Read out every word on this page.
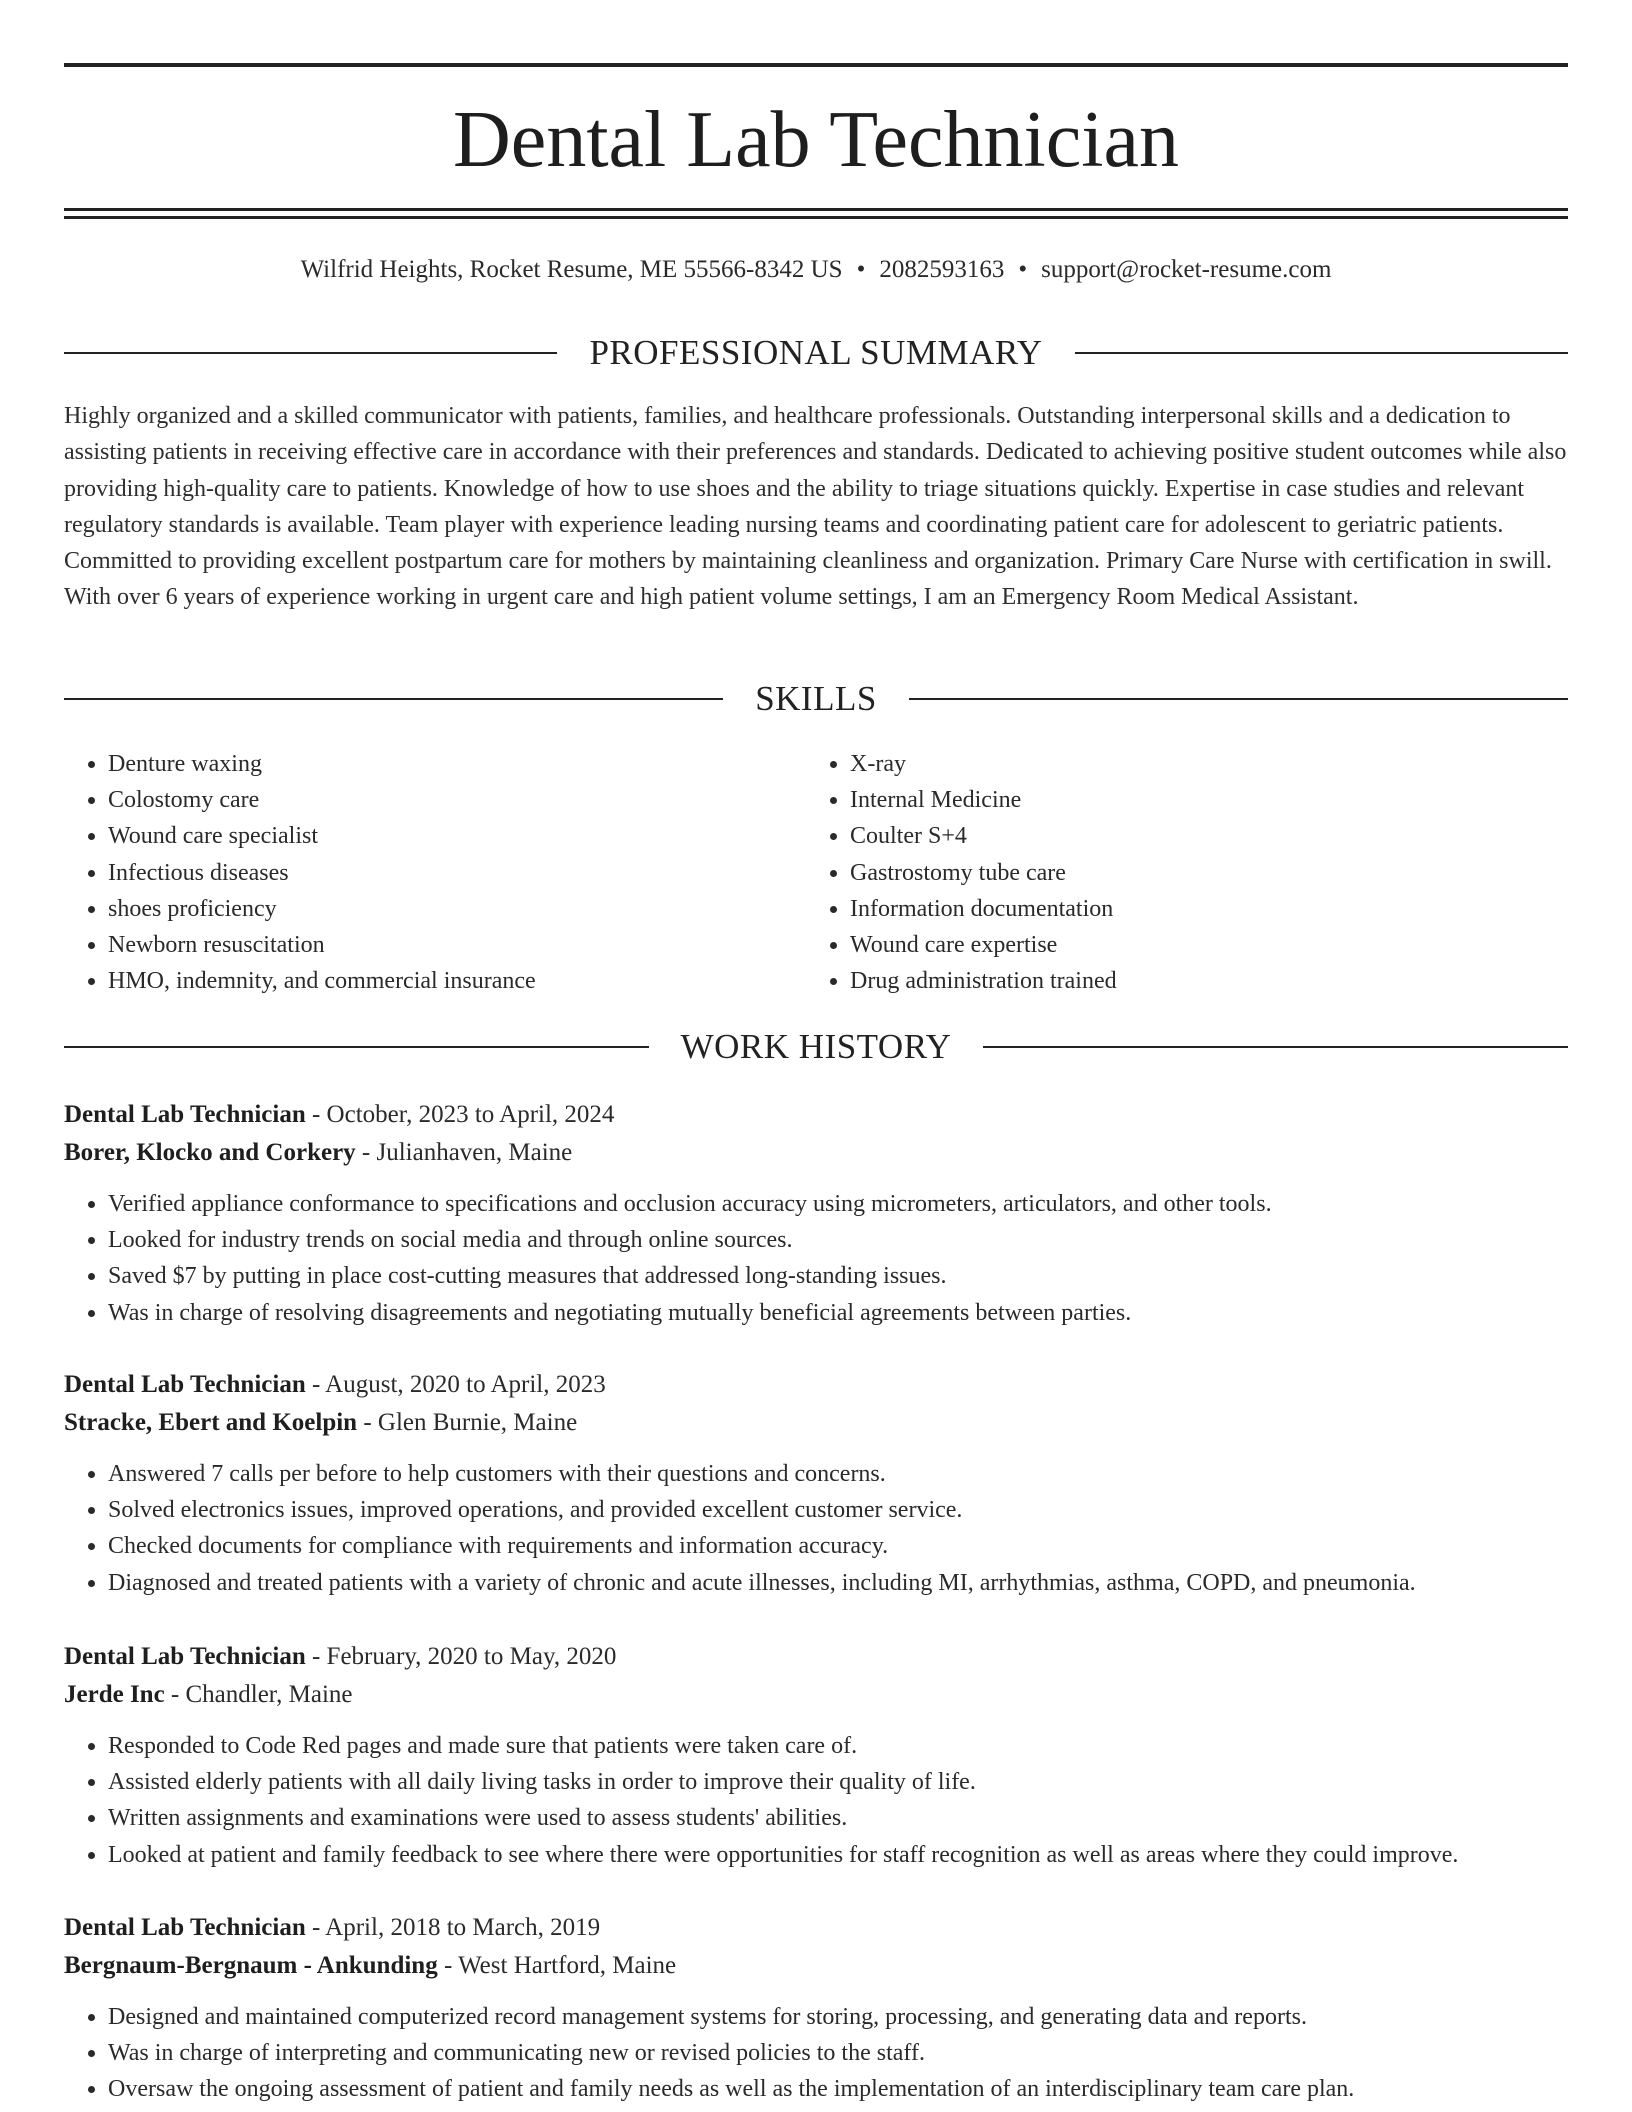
Dental Lab Technician
Wilfrid Heights, Rocket Resume, ME 55566-8342 US • 2082593163 • support@rocket-resume.com
PROFESSIONAL SUMMARY

Highly organized and a skilled communicator with patients, families, and healthcare professionals. Outstanding interpersonal skills and a dedication to assisting patients in receiving effective care in accordance with their preferences and standards. Dedicated to achieving positive student outcomes while also providing high-quality care to patients. Knowledge of how to use shoes and the ability to triage situations quickly. Expertise in case studies and relevant regulatory standards is available. Team player with experience leading nursing teams and coordinating patient care for adolescent to geriatric patients. Committed to providing excellent postpartum care for mothers by maintaining cleanliness and organization. Primary Care Nurse with certification in swill. With over 6 years of experience working in urgent care and high patient volume settings, I am an Emergency Room Medical Assistant.

SKILLS
• Denture waxing
• Colostomy care
• Wound care specialist
• Infectious diseases
• shoes proficiency
• Newborn resuscitation
• HMO, indemnity, and commercial insurance
• X-ray
• Internal Medicine
• Coulter S+4
• Gastrostomy tube care
• Information documentation
• Wound care expertise
• Drug administration trained
WORK HISTORY
Dental Lab Technician - October, 2023 to April, 2024
Borer, Klocko and Corkery - Julianhaven, Maine
• Verified appliance conformance to specifications and occlusion accuracy using micrometers, articulators, and other tools.
• Looked for industry trends on social media and through online sources.
• Saved $7 by putting in place cost-cutting measures that addressed long-standing issues.
• Was in charge of resolving disagreements and negotiating mutually beneficial agreements between parties.
Dental Lab Technician - August, 2020 to April, 2023
Stracke, Ebert and Koelpin - Glen Burnie, Maine
• Answered 7 calls per before to help customers with their questions and concerns.
• Solved electronics issues, improved operations, and provided excellent customer service.
• Checked documents for compliance with requirements and information accuracy.
• Diagnosed and treated patients with a variety of chronic and acute illnesses, including MI, arrhythmias, asthma, COPD, and pneumonia.
Dental Lab Technician - February, 2020 to May, 2020
Jerde Inc - Chandler, Maine
• Responded to Code Red pages and made sure that patients were taken care of.
• Assisted elderly patients with all daily living tasks in order to improve their quality of life.
• Written assignments and examinations were used to assess students' abilities.
• Looked at patient and family feedback to see where there were opportunities for staff recognition as well as areas where they could improve.
Dental Lab Technician - April, 2018 to March, 2019
Bergnaum-Bergnaum - Ankunding - West Hartford, Maine
• Designed and maintained computerized record management systems for storing, processing, and generating data and reports.
• Was in charge of interpreting and communicating new or revised policies to the staff.
• Oversaw the ongoing assessment of patient and family needs as well as the implementation of an interdisciplinary team care plan.
